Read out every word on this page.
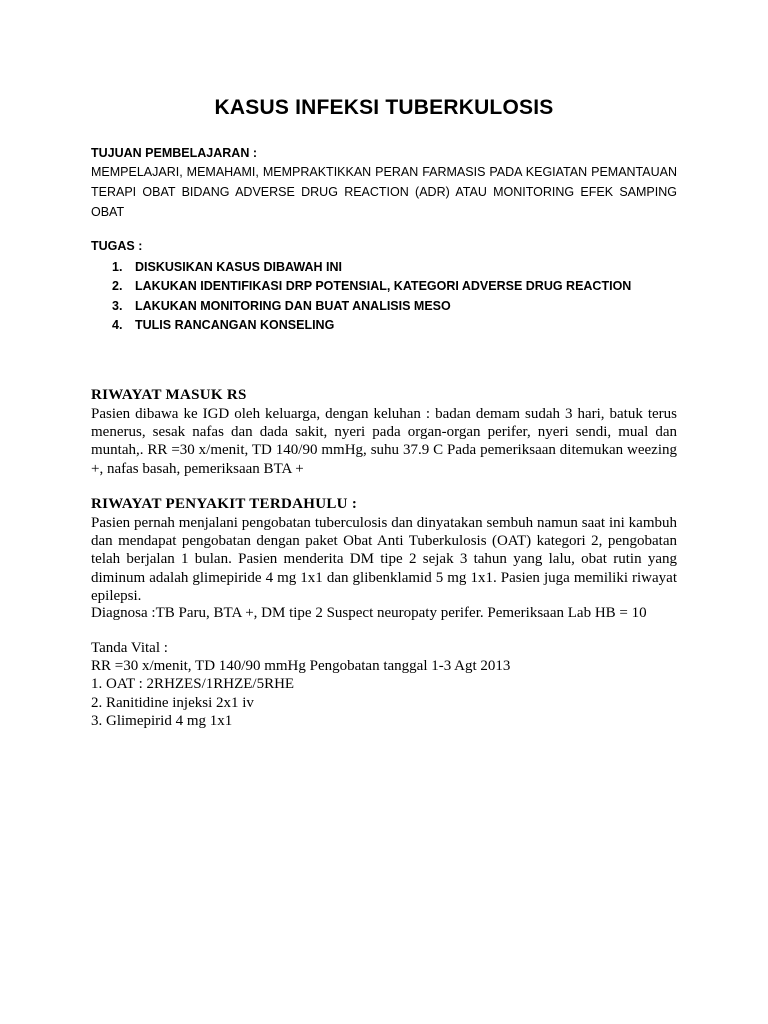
KASUS INFEKSI TUBERKULOSIS
TUJUAN PEMBELAJARAN :
MEMPELAJARI, MEMAHAMI, MEMPRAKTIKKAN PERAN FARMASIS PADA KEGIATAN PEMANTAUAN TERAPI OBAT BIDANG ADVERSE DRUG REACTION (ADR) ATAU MONITORING EFEK SAMPING OBAT
TUGAS :
1. DISKUSIKAN KASUS DIBAWAH INI
2. LAKUKAN IDENTIFIKASI DRP POTENSIAL, KATEGORI ADVERSE DRUG REACTION
3. LAKUKAN MONITORING DAN BUAT ANALISIS MESO
4. TULIS RANCANGAN KONSELING
RIWAYAT MASUK RS
Pasien dibawa ke IGD oleh keluarga, dengan keluhan : badan demam sudah 3 hari, batuk terus menerus, sesak nafas dan dada sakit, nyeri pada organ-organ perifer, nyeri sendi, mual dan muntah,. RR =30 x/menit, TD 140/90 mmHg, suhu 37.9 C Pada pemeriksaan ditemukan weezing +, nafas basah, pemeriksaan BTA +
RIWAYAT PENYAKIT TERDAHULU :
Pasien pernah menjalani pengobatan tuberculosis dan dinyatakan sembuh namun saat ini kambuh dan mendapat pengobatan dengan paket Obat Anti Tuberkulosis (OAT) kategori 2, pengobatan telah berjalan 1 bulan. Pasien menderita DM tipe 2 sejak 3 tahun yang lalu, obat rutin yang diminum adalah glimepiride 4 mg 1x1 dan glibenklamid 5 mg 1x1. Pasien juga memiliki riwayat epilepsi.
Diagnosa :TB Paru, BTA +, DM tipe 2 Suspect neuropaty perifer. Pemeriksaan Lab HB = 10
Tanda Vital :
RR =30 x/menit, TD 140/90 mmHg Pengobatan tanggal 1-3 Agt 2013
1. OAT : 2RHZES/1RHZE/5RHE
2. Ranitidine injeksi 2x1 iv
3. Glimepirid 4 mg 1x1
